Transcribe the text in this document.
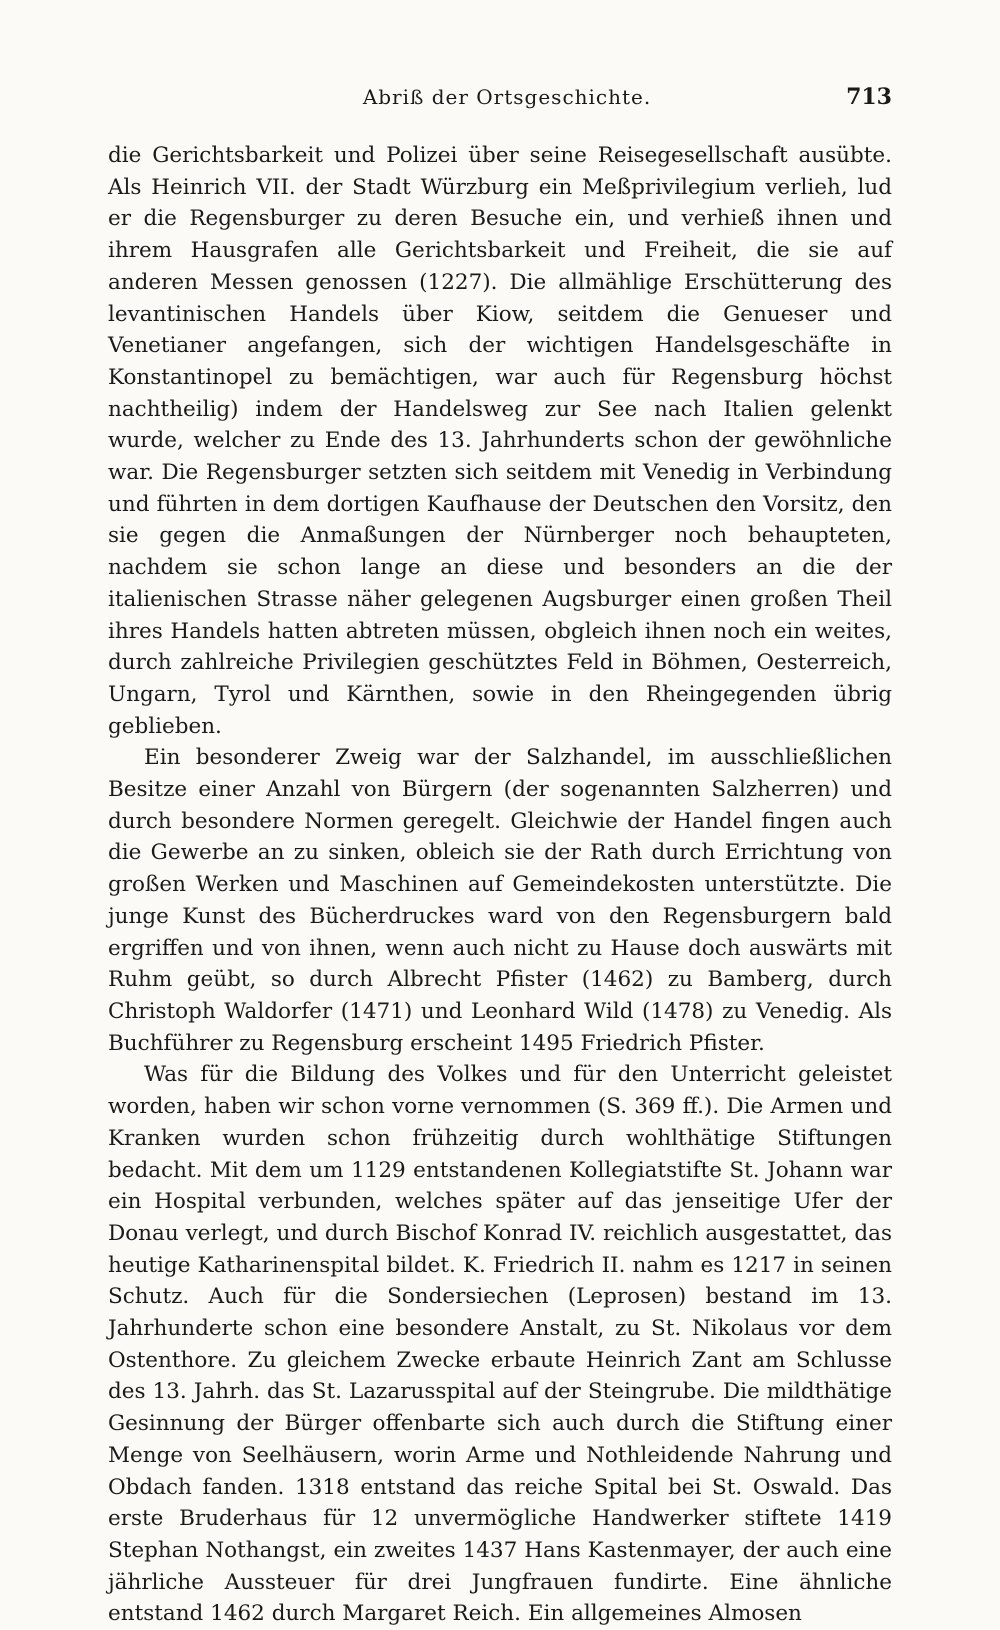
Abriß der Ortsgeschichte.	713

die Gerichtsbarkeit und Polizei über seine Reisegesellschaft ausübte. Als Heinrich VII. der Stadt Würzburg ein Meßprivilegium verlieh, lud er die Regensburger zu deren Besuche ein, und verhieß ihnen und ihrem Hausgrafen alle Gerichtsbarkeit und Freiheit, die sie auf anderen Messen genossen (1227). Die allmählige Erschütterung des levantinischen Handels über Kiow, seitdem die Genueser und Venetianer angefangen, sich der wichtigen Handelsgeschäfte in Konstantinopel zu bemächtigen, war auch für Regensburg höchst nachtheilig) indem der Handelsweg zur See nach Italien gelenkt wurde, welcher zu Ende des 13. Jahrhunderts schon der gewöhnliche war. Die Regensburger setzten sich seitdem mit Venedig in Verbindung und führten in dem dortigen Kaufhause der Deutschen den Vorsitz, den sie gegen die Anmaßungen der Nürnberger noch behaupteten, nachdem sie schon lange an diese und besonders an die der italienischen Strasse näher gelegenen Augsburger einen großen Theil ihres Handels hatten abtreten müssen, obgleich ihnen noch ein weites, durch zahlreiche Privilegien geschütztes Feld in Böhmen, Oesterreich, Ungarn, Tyrol und Kärnthen, sowie in den Rheingegenden übrig geblieben.

Ein besonderer Zweig war der Salzhandel, im ausschließlichen Besitze einer Anzahl von Bürgern (der sogenannten Salzherren) und durch besondere Normen geregelt. Gleichwie der Handel fingen auch die Gewerbe an zu sinken, obleich sie der Rath durch Errichtung von großen Werken und Maschinen auf Gemeindekosten unterstützte. Die junge Kunst des Bücherdruckes ward von den Regensburgern bald ergriffen und von ihnen, wenn auch nicht zu Hause doch auswärts mit Ruhm geübt, so durch Albrecht Pfister (1462) zu Bamberg, durch Christoph Waldorfer (1471) und Leonhard Wild (1478) zu Venedig. Als Buchführer zu Regensburg erscheint 1495 Friedrich Pfister.

Was für die Bildung des Volkes und für den Unterricht geleistet worden, haben wir schon vorne vernommen (S. 369 ff.). Die Armen und Kranken wurden schon frühzeitig durch wohlthätige Stiftungen bedacht. Mit dem um 1129 entstandenen Kollegiatstifte St. Johann war ein Hospital verbunden, welches später auf das jenseitige Ufer der Donau verlegt, und durch Bischof Konrad IV. reichlich ausgestattet, das heutige Katharinenspital bildet. K. Friedrich II. nahm es 1217 in seinen Schutz. Auch für die Sondersiechen (Leprosen) bestand im 13. Jahrhunderte schon eine besondere Anstalt, zu St. Nikolaus vor dem Ostenthore. Zu gleichem Zwecke erbaute Heinrich Zant am Schlusse des 13. Jahrh. das St. Lazarusspital auf der Steingrube. Die mildthätige Gesinnung der Bürger offenbarte sich auch durch die Stiftung einer Menge von Seelhäusern, worin Arme und Nothleidende Nahrung und Obdach fanden. 1318 entstand das reiche Spital bei St. Oswald. Das erste Bruderhaus für 12 unvermögliche Handwerker stiftete 1419 Stephan Nothangst, ein zweites 1437 Hans Kastenmayer, der auch eine jährliche Aussteuer für drei Jungfrauen fundirte. Eine ähnliche entstand 1462 durch Margaret Reich. Ein allgemeines Almosen
